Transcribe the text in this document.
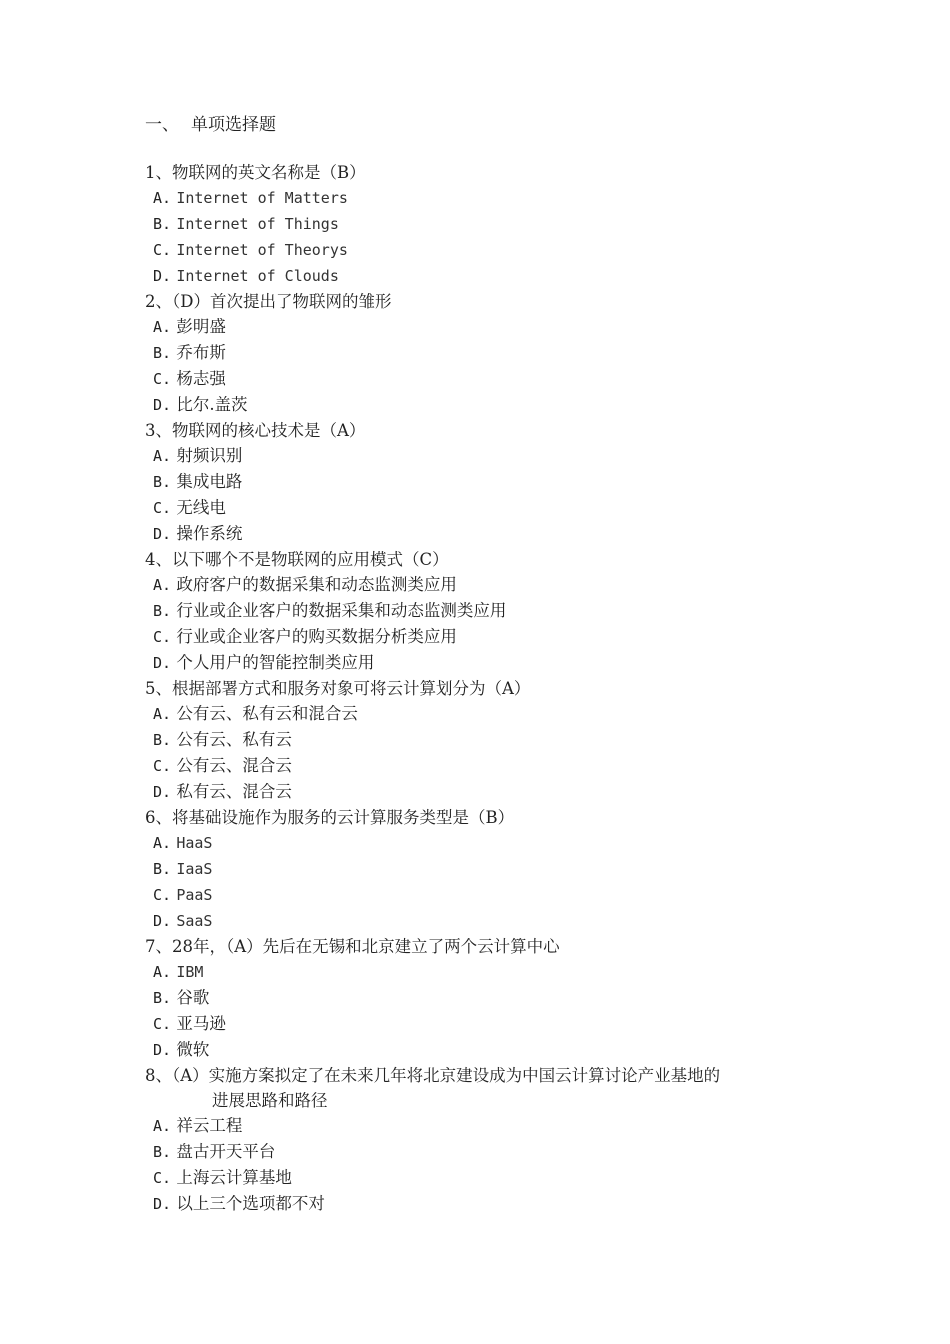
一、 单项选择题
1、物联网的英文名称是（B）
A. Internet of Matters
B. Internet of Things
C. Internet of Theorys
D. Internet of Clouds
2、（D）首次提出了物联网的雏形
A. 彭明盛
B. 乔布斯
C. 杨志强
D. 比尔.盖茨
3、物联网的核心技术是（A）
A. 射频识别
B. 集成电路
C. 无线电
D. 操作系统
4、以下哪个不是物联网的应用模式（C）
A. 政府客户的数据采集和动态监测类应用
B. 行业或企业客户的数据采集和动态监测类应用
C. 行业或企业客户的购买数据分析类应用
D. 个人用户的智能控制类应用
5、根据部署方式和服务对象可将云计算划分为（A）
A. 公有云、私有云和混合云
B. 公有云、私有云
C. 公有云、混合云
D. 私有云、混合云
6、将基础设施作为服务的云计算服务类型是（B）
A. HaaS
B. IaaS
C. PaaS
D. SaaS
7、28年，（A）先后在无锡和北京建立了两个云计算中心
A. IBM
B. 谷歌
C. 亚马逊
D. 微软
8、（A）实施方案拟定了在未来几年将北京建设成为中国云计算讨论产业基地的
进展思路和路径
A. 祥云工程
B. 盘古开天平台
C. 上海云计算基地
D. 以上三个选项都不对
